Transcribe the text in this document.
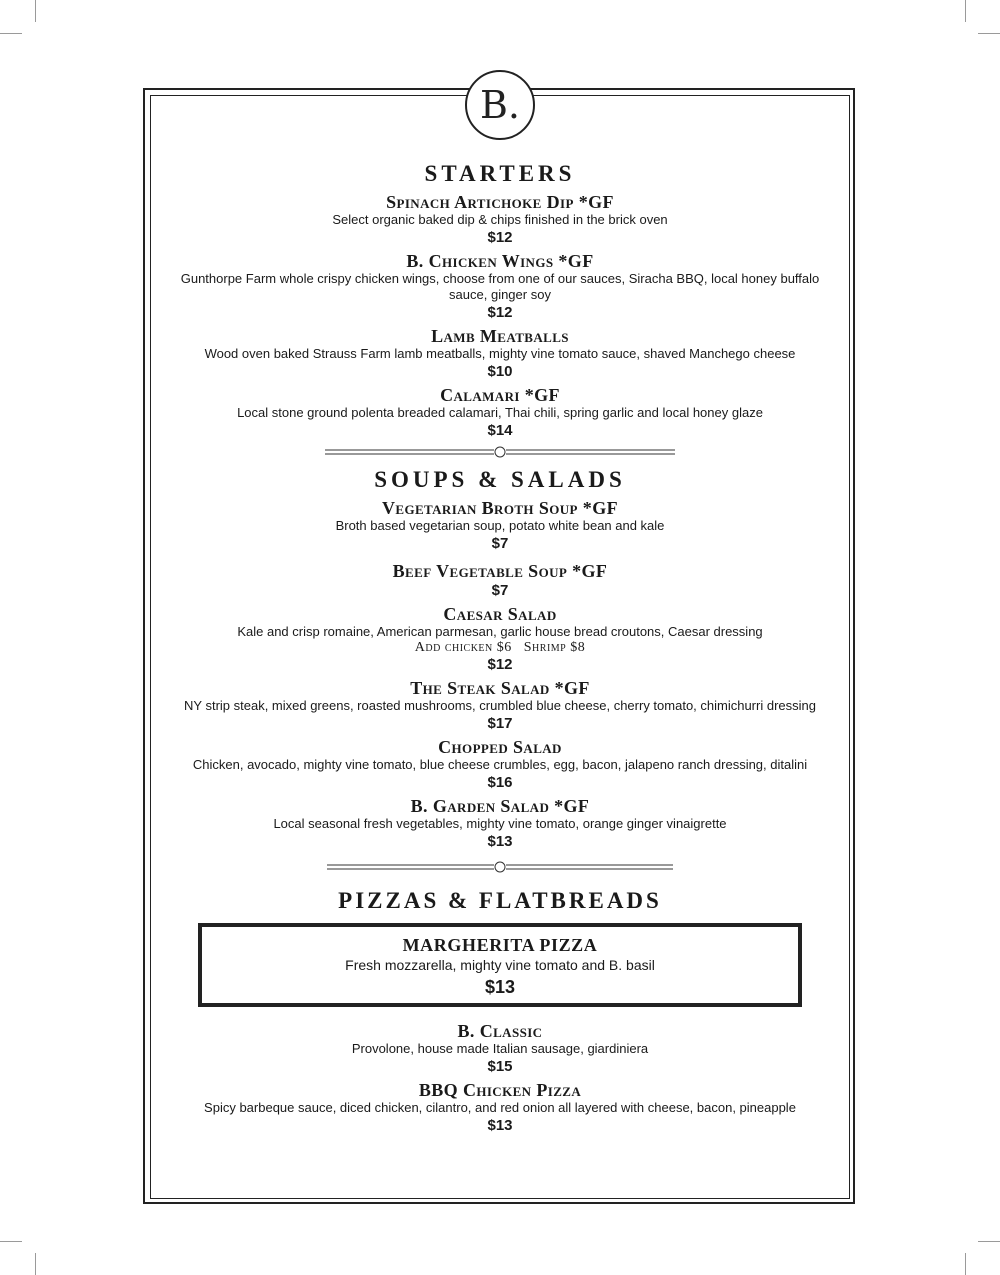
B.
STARTERS
Spinach Artichoke Dip *GF
Select organic baked dip & chips finished in the brick oven
$12
B. Chicken Wings *GF
Gunthorpe Farm whole crispy chicken wings, choose from one of our sauces, Siracha BBQ, local honey buffalo sauce, ginger soy
$12
Lamb Meatballs
Wood oven baked Strauss Farm lamb meatballs, mighty vine tomato sauce, shaved Manchego cheese
$10
Calamari *GF
Local stone ground polenta breaded calamari, Thai chili, spring garlic and local honey glaze
$14
SOUPS & SALADS
Vegetarian Broth Soup *GF
Broth based vegetarian soup, potato white bean and kale
$7
Beef Vegetable Soup *GF
$7
Caesar Salad
Kale and crisp romaine, American parmesan, garlic house bread croutons, Caesar dressing
Add chicken $6 Shrimp $8
$12
The Steak Salad *GF
NY strip steak, mixed greens, roasted mushrooms, crumbled blue cheese, cherry tomato, chimichurri dressing
$17
Chopped Salad
Chicken, avocado, mighty vine tomato, blue cheese crumbles, egg, bacon, jalapeno ranch dressing, ditalini
$16
B. Garden Salad *GF
Local seasonal fresh vegetables, mighty vine tomato, orange ginger vinaigrette
$13
PIZZAS & FLATBREADS
MARGHERITA PIZZA
Fresh mozzarella, mighty vine tomato and B. basil
$13
B. Classic
Provolone, house made Italian sausage, giardiniera
$15
BBQ Chicken Pizza
Spicy barbeque sauce, diced chicken, cilantro, and red onion all layered with cheese, bacon, pineapple
$13
